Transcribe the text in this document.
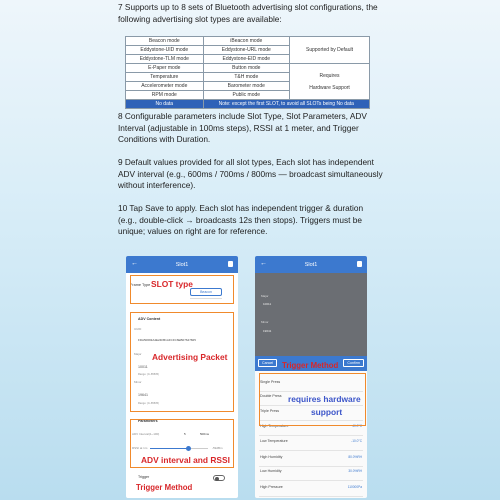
7 Supports up to 8 sets of Bluetooth advertising slot configurations, the
following advertising slot types are available:
Beacon mode	iBeacon mode	Supported by Default
Eddystone-UID mode	Eddystone-URL mode	
Eddystone-TLM mode	Eddystone-EID mode	
E-Paper mode	Button mode	Requires

Hardware Support
Temperature	T&H mode	
Accelerometer mode	Barometer mode	
RPM mode	Public mode	
No data	Note: except the first SLOT, to avoid all SLOTs being No data	
8 Configurable parameters include Slot Type, Slot Parameters, ADV
Interval (adjustable in 100ms steps), RSSI at 1 meter, and Trigger
Conditions with Duration.
9 Default values provided for all slot types, Each slot has independent
ADV interval (e.g., 600ms / 700ms / 800ms — broadcast simultaneously
without interference).
10 Tap Save to apply. Each slot has independent trigger & duration
(e.g., double-click → broadcasts 12s then stops). Triggers must be
unique; values on right are for reference.
←	Slot1
Frame Type
Beacon
ADV Content
UUID
FDA50693A4E24FB1AFCFC6EB07647825
Major
10011
Range: (0–65535)
Minor
19641
Range: (0–65535)
Parameters
ADV Interval(1~100)	5	500ms
RSSI at 1m	-59dBm
Trigger
SLOT type
Advertising Packet
ADV interval and RSSI
Trigger Method
←	Slot1
Major
10011
Minor
19641
Cancel	Confirm
Single Press
Double Press
Triple Press
High Temperature	40.0°C
Low Temperature	-10.0°C
High Humidity	80.0%RH
Low Humidity	30.0%RH
High Pressure	110000Pa
Trigger Method
requires hardware
support
